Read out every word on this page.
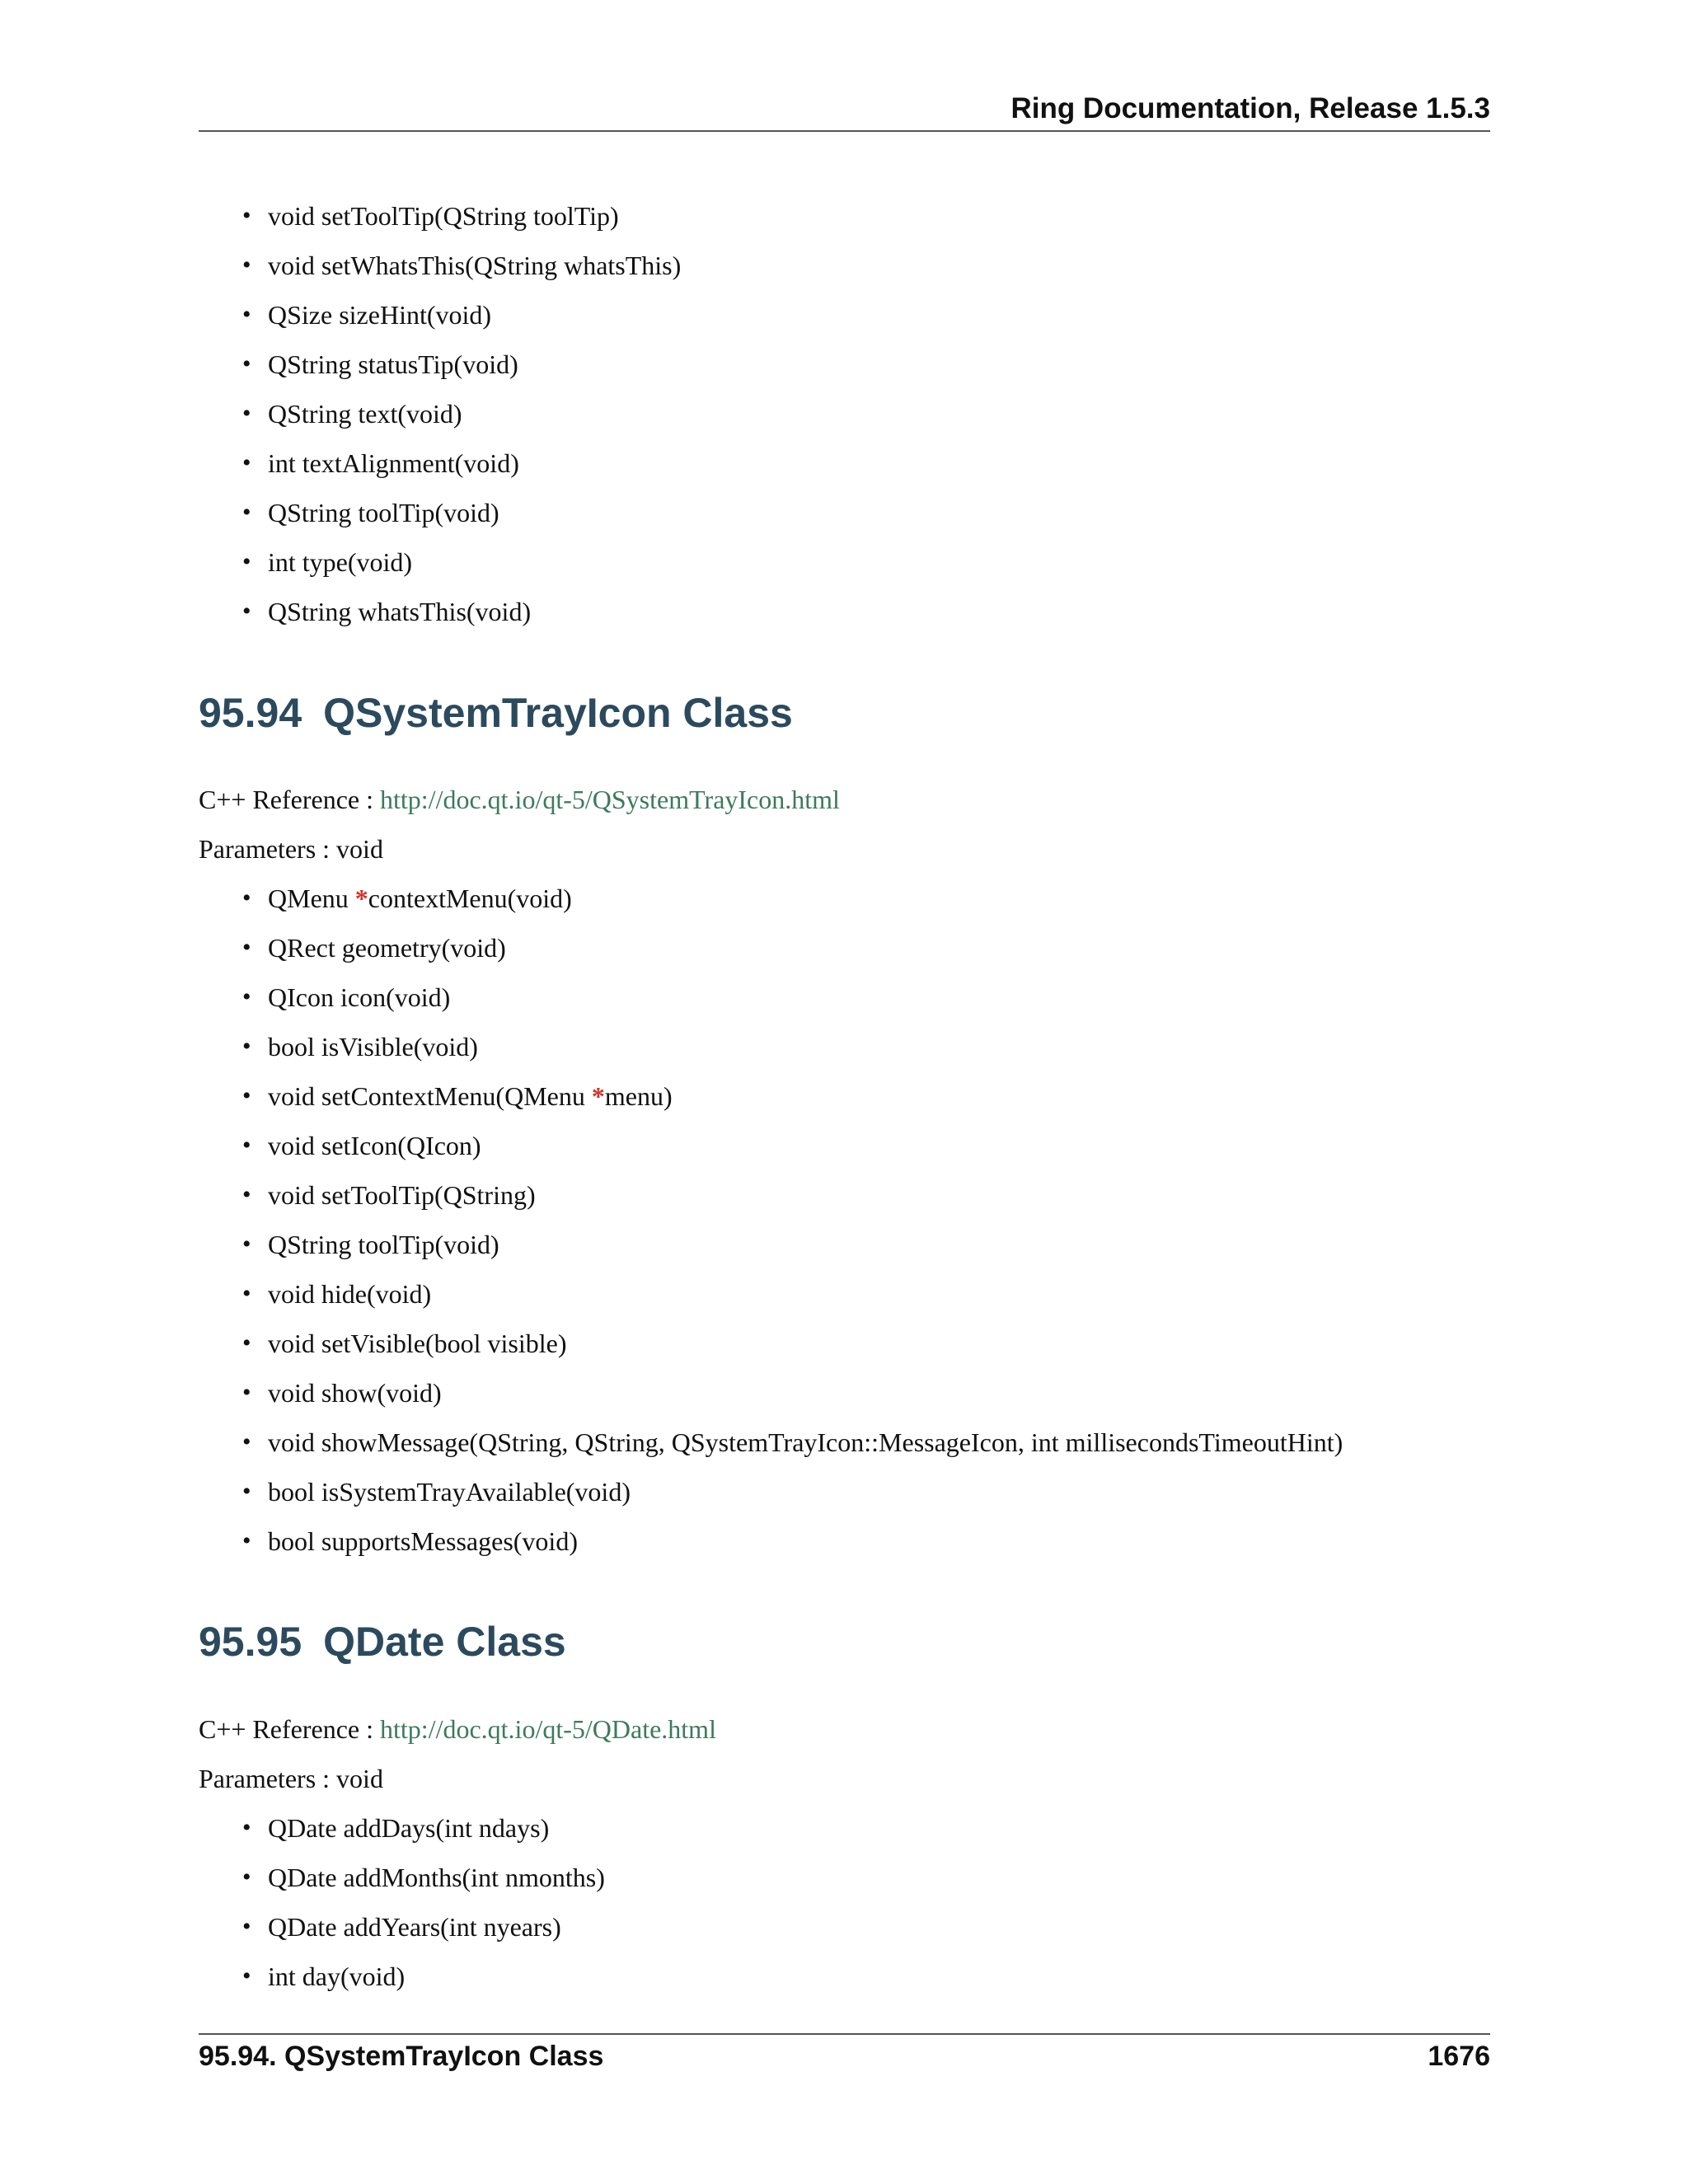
Ring Documentation, Release 1.5.3
• void setToolTip(QString toolTip)
• void setWhatsThis(QString whatsThis)
• QSize sizeHint(void)
• QString statusTip(void)
• QString text(void)
• int textAlignment(void)
• QString toolTip(void)
• int type(void)
• QString whatsThis(void)
95.94 QSystemTrayIcon Class

C++ Reference : http://doc.qt.io/qt-5/QSystemTrayIcon.html

Parameters : void

• QMenu *contextMenu(void)
• QRect geometry(void)
• QIcon icon(void)
• bool isVisible(void)
• void setContextMenu(QMenu *menu)
• void setIcon(QIcon)
• void setToolTip(QString)
• QString toolTip(void)
• void hide(void)
• void setVisible(bool visible)
• void show(void)
• void showMessage(QString, QString, QSystemTrayIcon::MessageIcon, int millisecondsTimeoutHint)
• bool isSystemTrayAvailable(void)
• bool supportsMessages(void)
95.95 QDate Class

C++ Reference : http://doc.qt.io/qt-5/QDate.html

Parameters : void

• QDate addDays(int ndays)
• QDate addMonths(int nmonths)
• QDate addYears(int nyears)
• int day(void)
95.94. QSystemTrayIcon Class	1676
